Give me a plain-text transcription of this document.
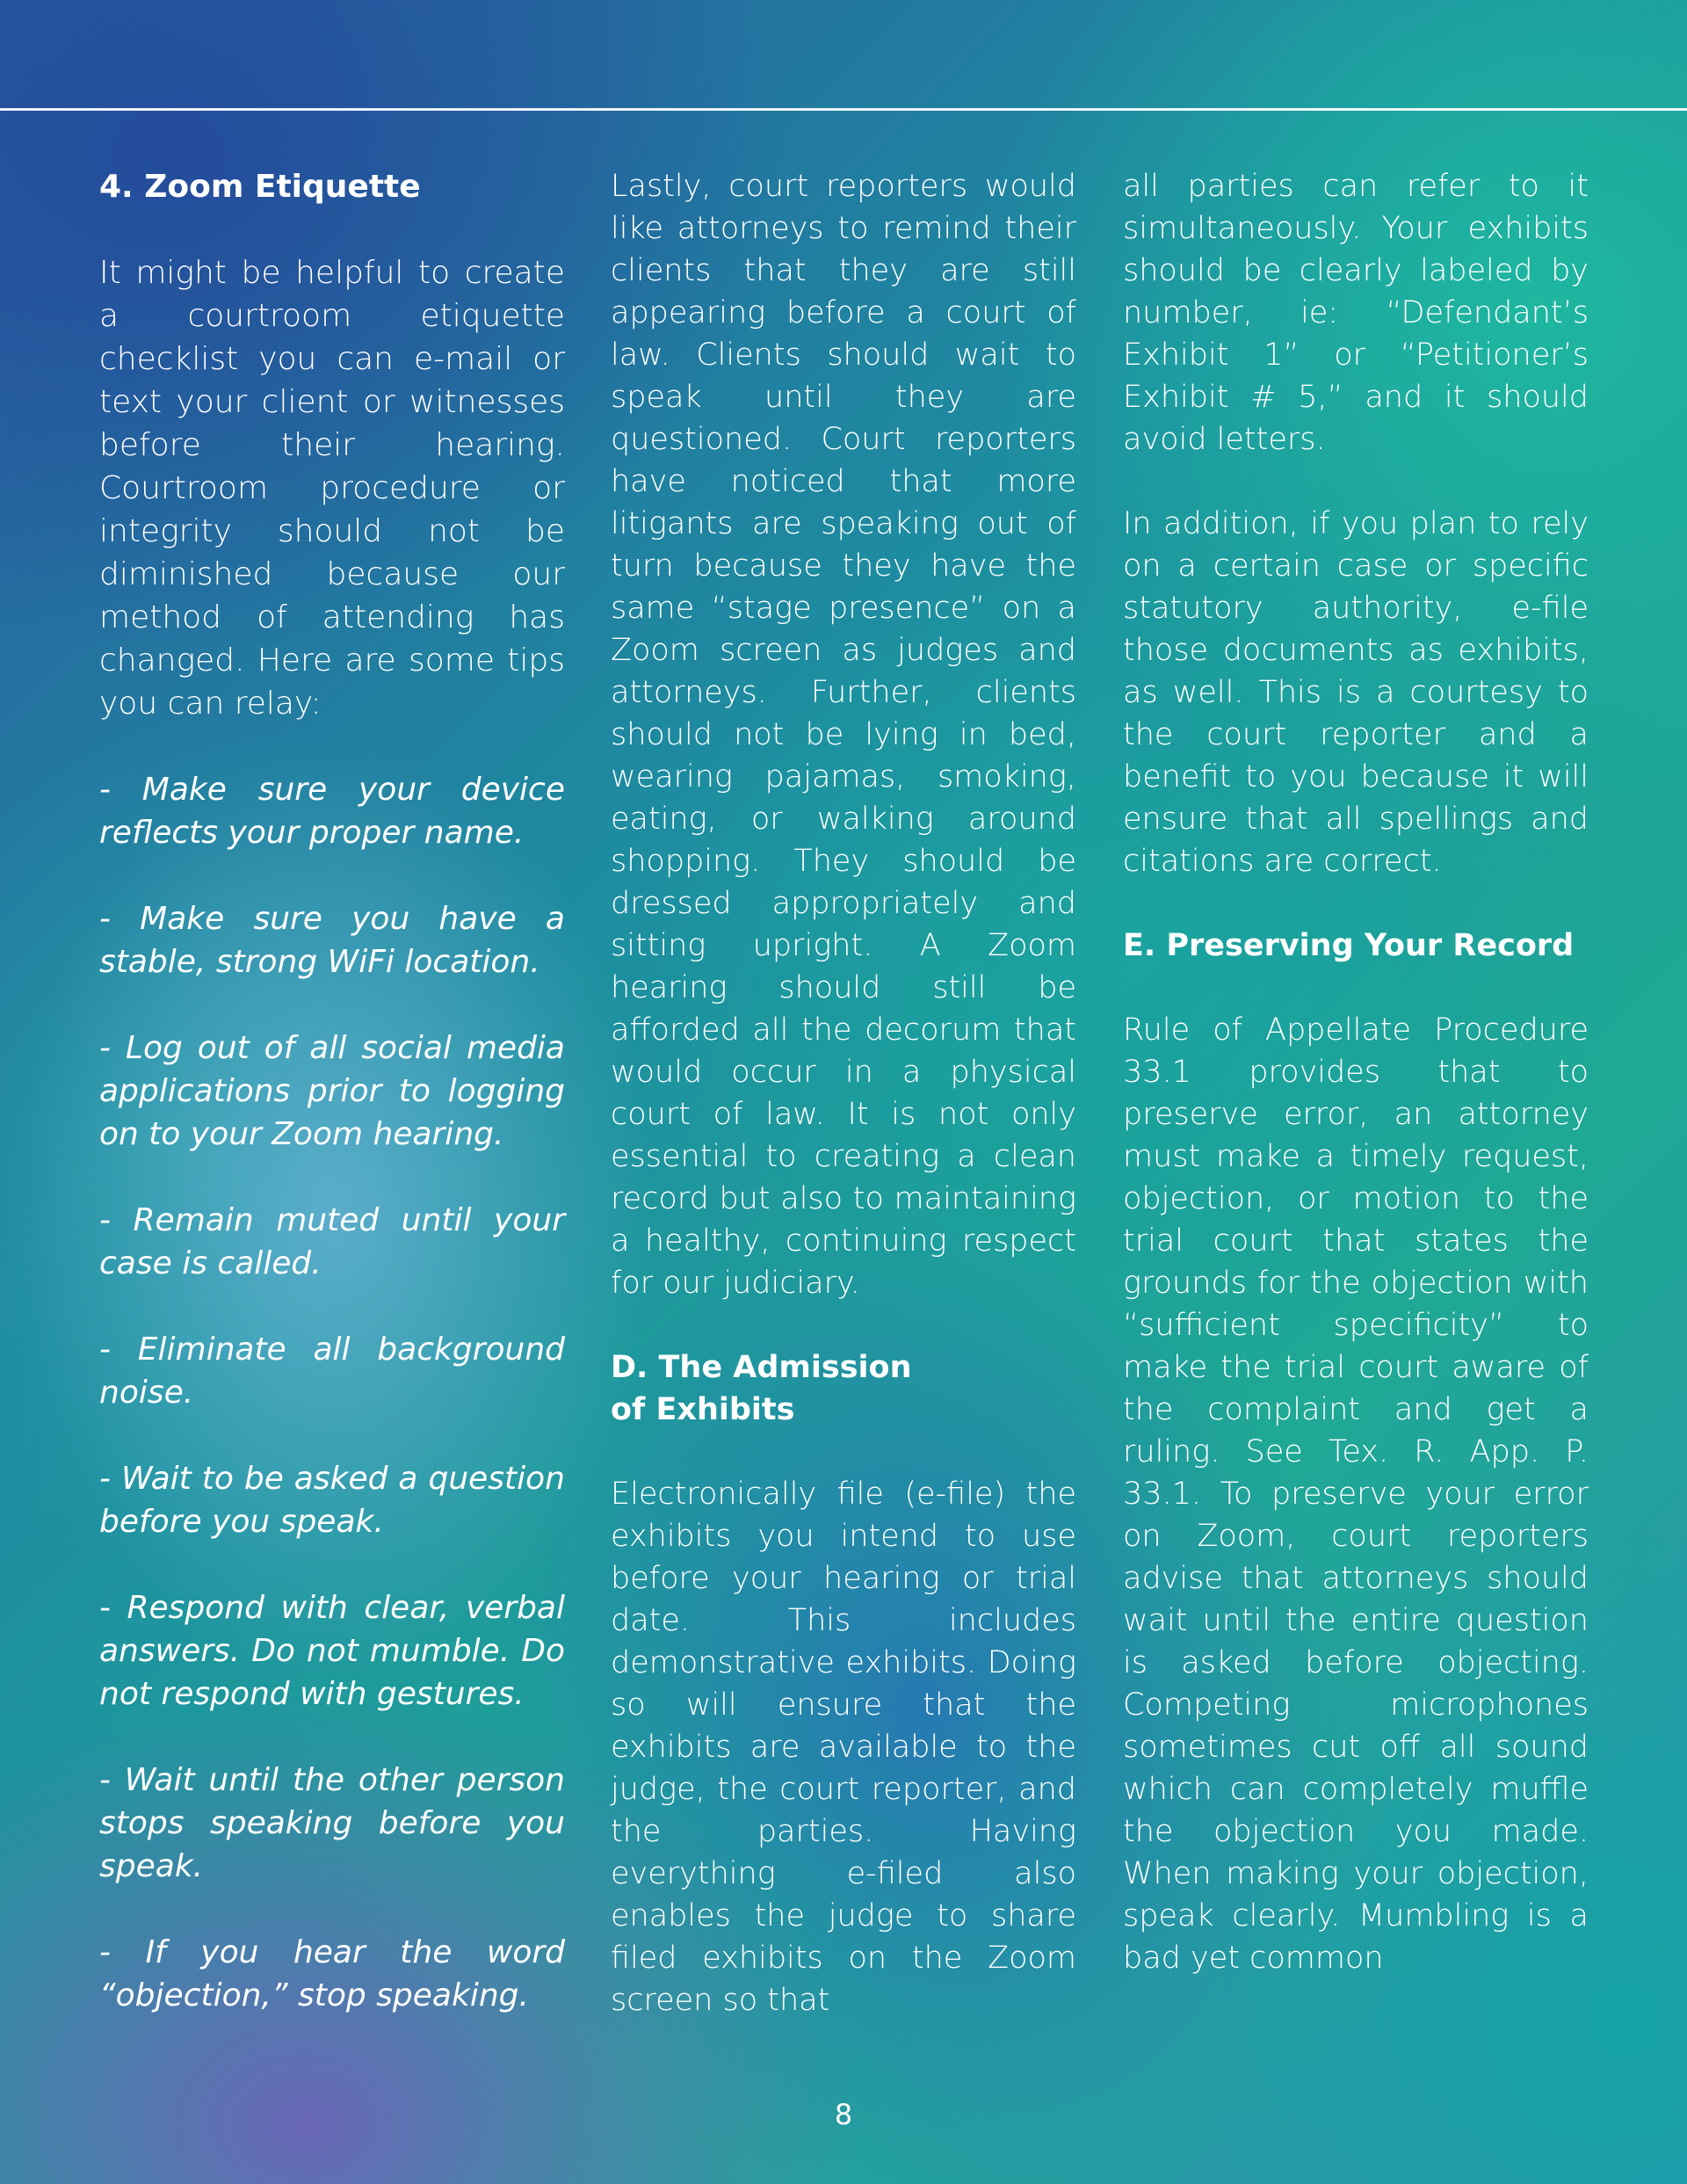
4. Zoom Etiquette

It might be helpful to create a courtroom etiquette checklist you can e-mail or text your client or witnesses before their hearing. Courtroom procedure or integrity should not be diminished because our method of attending has changed. Here are some tips you can relay:

- Make sure your device reflects your proper name.

- Make sure you have a stable, strong WiFi location.

- Log out of all social media applications prior to logging on to your Zoom hearing.

- Remain muted until your case is called.

- Eliminate all background noise.

- Wait to be asked a question before you speak.

- Respond with clear, verbal answers. Do not mumble. Do not respond with gestures.

- Wait until the other person stops speaking before you speak.

- If you hear the word “objection,” stop speaking.

Lastly, court reporters would like attorneys to remind their clients that they are still appearing before a court of law. Clients should wait to speak until they are questioned. Court reporters have noticed that more litigants are speaking out of turn because they have the same “stage presence” on a Zoom screen as judges and attorneys. Further, clients should not be lying in bed, wearing pajamas, smoking, eating, or walking around shopping. They should be dressed appropriately and sitting upright. A Zoom hearing should still be afforded all the decorum that would occur in a physical court of law. It is not only essential to creating a clean record but also to maintaining a healthy, continuing respect for our judiciary.

D. The Admission
of Exhibits

Electronically file (e-file) the exhibits you intend to use before your hearing or trial date. This includes demonstrative exhibits. Doing so will ensure that the exhibits are available to the judge, the court reporter, and the parties. Having everything e-filed also enables the judge to share filed exhibits on the Zoom screen so that

all parties can refer to it simultaneously. Your exhibits should be clearly labeled by number, ie: “Defendant’s Exhibit 1” or “Petitioner’s Exhibit # 5,” and it should avoid letters.

In addition, if you plan to rely on a certain case or specific statutory authority, e-file those documents as exhibits, as well. This is a courtesy to the court reporter and a benefit to you because it will ensure that all spellings and citations are correct.

E. Preserving Your Record

Rule of Appellate Procedure 33.1 provides that to preserve error, an attorney must make a timely request, objection, or motion to the trial court that states the grounds for the objection with “sufficient specificity” to make the trial court aware of the complaint and get a ruling. See Tex. R. App. P. 33.1. To preserve your error on Zoom, court reporters advise that attorneys should wait until the entire question is asked before objecting. Competing microphones sometimes cut off all sound which can completely muffle the objection you made. When making your objection, speak clearly. Mumbling is a bad yet common

8
